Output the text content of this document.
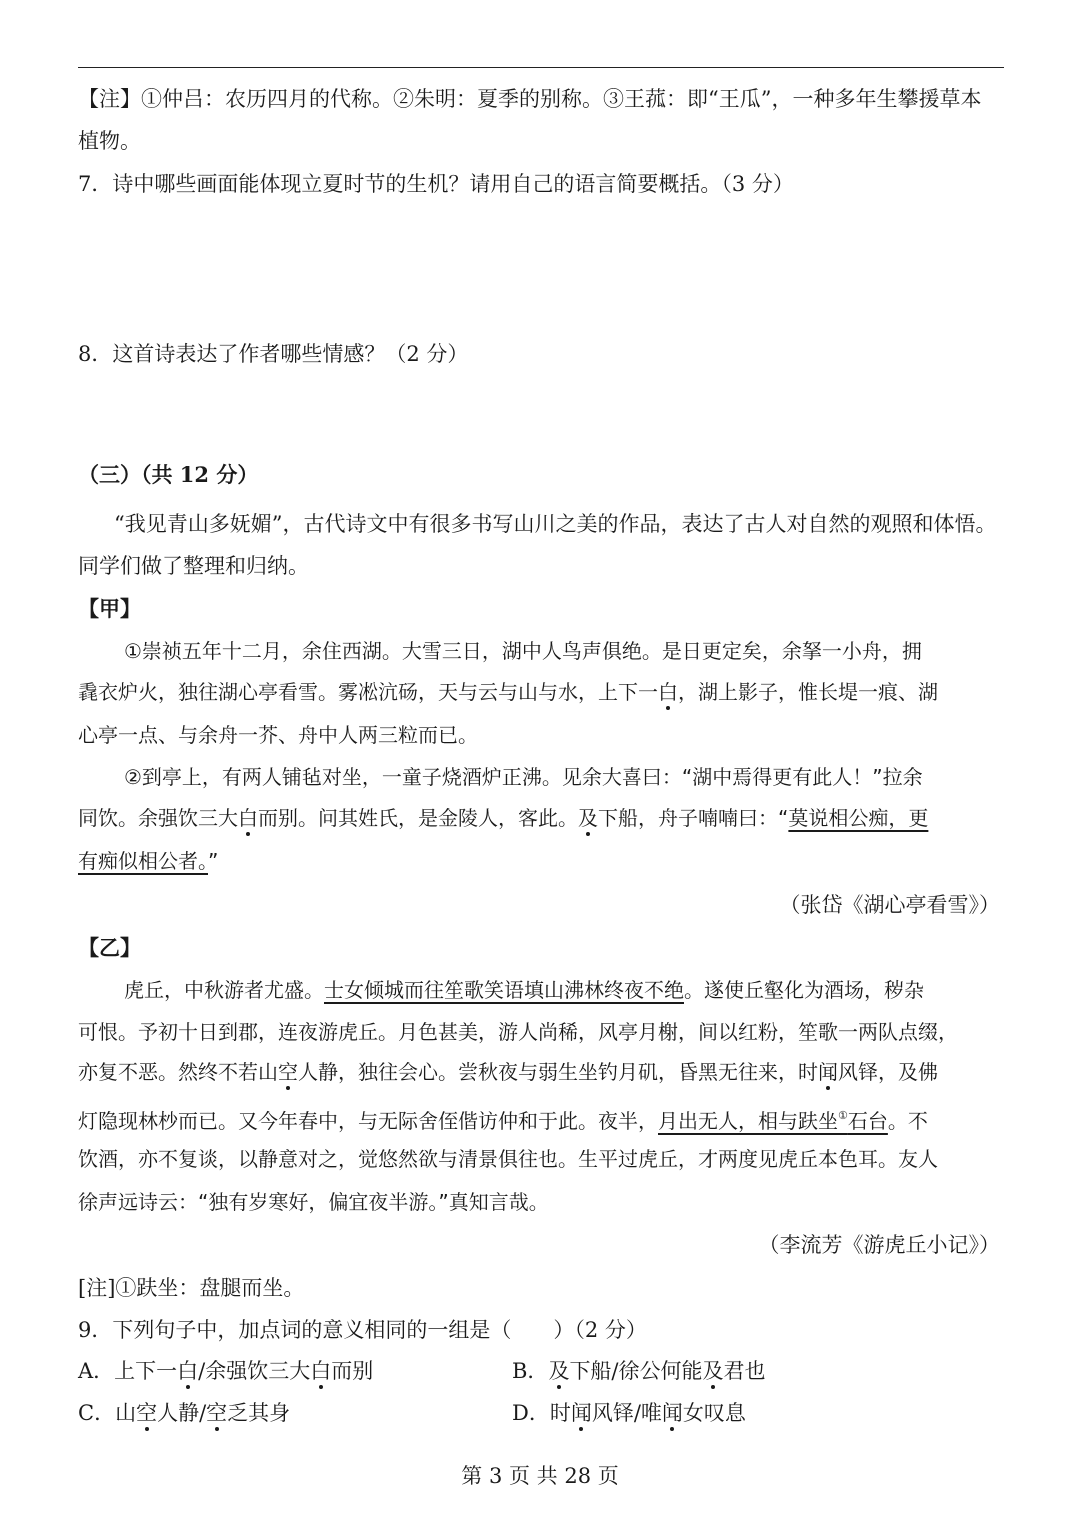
【注】①仲吕：农历四月的代称。②朱明：夏季的别称。③王菰：即“王瓜”，一种多年生攀援草本
植物。
7．诗中哪些画面能体现立夏时节的生机？请用自己的语言简要概括。（3 分）
8．这首诗表达了作者哪些情感？（2 分）
（三）（共 12 分）
“我见青山多妩媚”，古代诗文中有很多书写山川之美的作品，表达了古人对自然的观照和体悟。
同学们做了整理和归纳。
【甲】
①崇祯五年十二月，余住西湖。大雪三日，湖中人鸟声俱绝。是日更定矣，余拏一小舟，拥
毳衣炉火，独往湖心亭看雪。雾凇沆砀，天与云与山与水，上下一白，湖上影子，惟长堤一痕、湖
心亭一点、与余舟一芥、舟中人两三粒而已。
②到亭上，有两人铺毡对坐，一童子烧酒炉正沸。见余大喜曰：“湖中焉得更有此人！”拉余
同饮。余强饮三大白而别。问其姓氏，是金陵人，客此。及下船，舟子喃喃曰：“莫说相公痴，更
有痴似相公者。”
（张岱《湖心亭看雪》）
【乙】
虎丘，中秋游者尤盛。士女倾城而往笙歌笑语填山沸林终夜不绝。遂使丘壑化为酒场，秽杂
可恨。予初十日到郡，连夜游虎丘。月色甚美，游人尚稀，风亭月榭，间以红粉，笙歌一两队点缀，
亦复不恶。然终不若山空人静，独往会心。尝秋夜与弱生坐钓月矶，昏黑无往来，时闻风铎，及佛
灯隐现林杪而已。又今年春中，与无际舍侄偕访仲和于此。夜半，月出无人，相与趺坐①石台。不
饮酒，亦不复谈，以静意对之，觉悠然欲与清景俱往也。生平过虎丘，才两度见虎丘本色耳。友人
徐声远诗云：“独有岁寒好，偏宜夜半游。”真知言哉。
（李流芳《游虎丘小记》）
[注]①趺坐：盘腿而坐。
9．下列句子中，加点词的意义相同的一组是（　　）（2 分）
A．上下一白/余强饮三大白而别	B．及下船/徐公何能及君也
C．山空人静/空乏其身	D．时闻风铎/唯闻女叹息
第 3 页 共 28 页
